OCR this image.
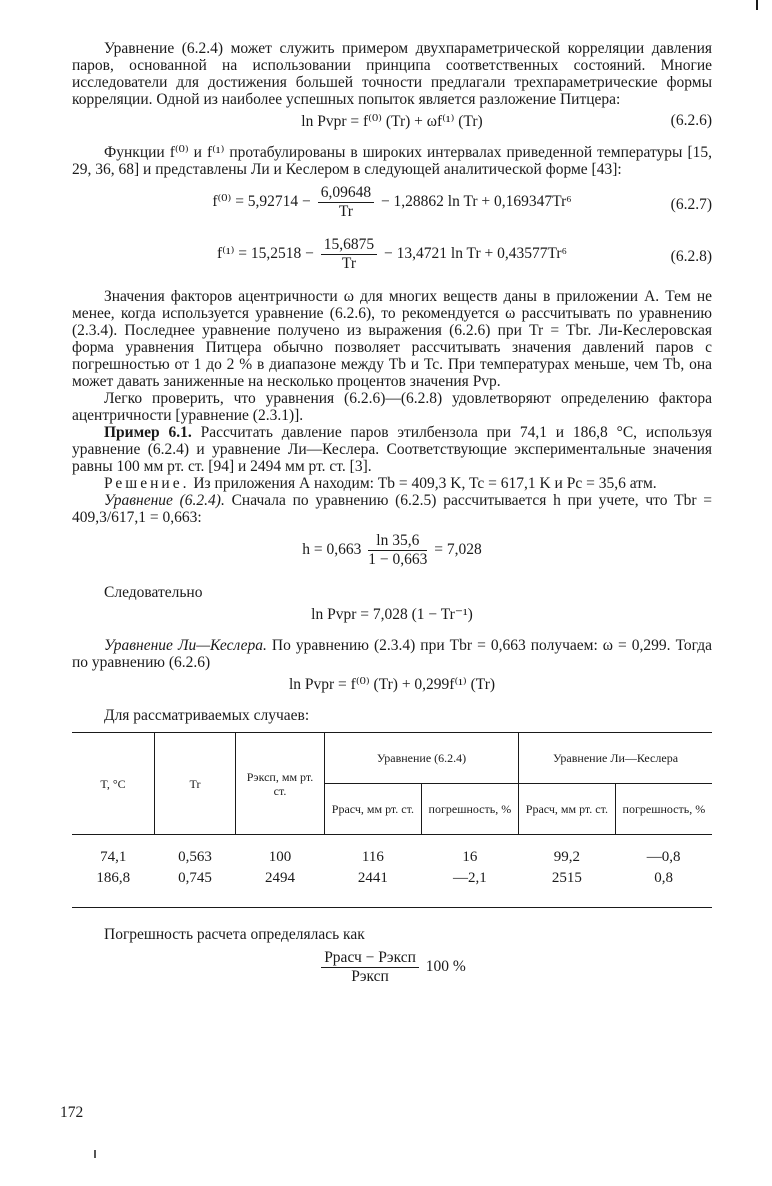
Уравнение (6.2.4) может служить примером двухпараметрической корреляции давления паров, основанной на использовании принципа соответственных состояний. Многие исследователи для достижения большей точности предлагали трехпараметрические формы корреляции. Одной из наиболее успешных попыток является разложение Питцера:

ln Pvpr = f⁽⁰⁾ (Tr) + ωf⁽¹⁾ (Tr)	(6.2.6)

Функции f⁽⁰⁾ и f⁽¹⁾ протабулированы в широких интервалах приведенной температуры [15, 29, 36, 68] и представлены Ли и Кеслером в следующей аналитической форме [43]:

$f^{(0)} = 5,92714 - \frac{6,09648}{Tr} - 1,28862$ ln Tr + 0,169347Tr⁶	(6.2.7)
$f^{(1)} = 15,2518 - \frac{15,6875}{Tr} - 13,4721$ ln Tr + 0,43577Tr⁶	(6.2.8)

Значения факторов ацентричности ω для многих веществ даны в приложении А. Тем не менее, когда используется уравнение (6.2.6), то рекомендуется ω рассчитывать по уравнению (2.3.4). Последнее уравнение получено из выражения (6.2.6) при Tr = Tbr. Ли-Кеслеровская форма уравнения Питцера обычно позволяет рассчитывать значения давлений паров с погрешностью от 1 до 2 % в диапазоне между Tb и Tc. При температурах меньше, чем Tb, она может давать заниженные на несколько процентов значения Pvp.

Легко проверить, что уравнения (6.2.6)—(6.2.8) удовлетворяют определению фактора ацентричности [уравнение (2.3.1)].

Пример 6.1. Рассчитать давление паров этилбензола при 74,1 и 186,8 °C, используя уравнение (6.2.4) и уравнение Ли—Кеслера. Соответствующие экспериментальные значения равны 100 мм рт. ст. [94] и 2494 мм рт. ст. [3].

Решение. Из приложения А находим: Tb = 409,3 K, Tc = 617,1 K и Pc = 35,6 атм.

Уравнение (6.2.4). Сначала по уравнению (6.2.5) рассчитывается h при учете, что Tbr = 409,3/617,1 = 0,663:

$h = 0,663 \frac{\ln 35,6}{1 - 0,663} = 7,028$

Следовательно

ln Pvpr = 7,028 (1 − Tr⁻¹)

Уравнение Ли—Кеслера. По уравнению (2.3.4) при Tbr = 0,663 получаем: ω = 0,299. Тогда по уравнению (6.2.6)

ln Pvpr = f⁽⁰⁾ (Tr) + 0,299f⁽¹⁾ (Tr)

Для рассматриваемых случаев:

T, °C	Tr	Pэксп, мм рт. ст.	Уравнение (6.2.4)		Уравнение Ли—Кеслера	
			Pрасч, мм рт. ст.	погрешность, %	Pрасч, мм рт. ст.	погрешность, %
74,1	0,563	100	116	16	99,2	—0,8
186,8	0,745	2494	2441	—2,1	2515	0,8

Погрешность расчета определялась как

$\frac{\text{Pрасч − Pэксп}}{\text{Pэксп}} 100$ %
172
